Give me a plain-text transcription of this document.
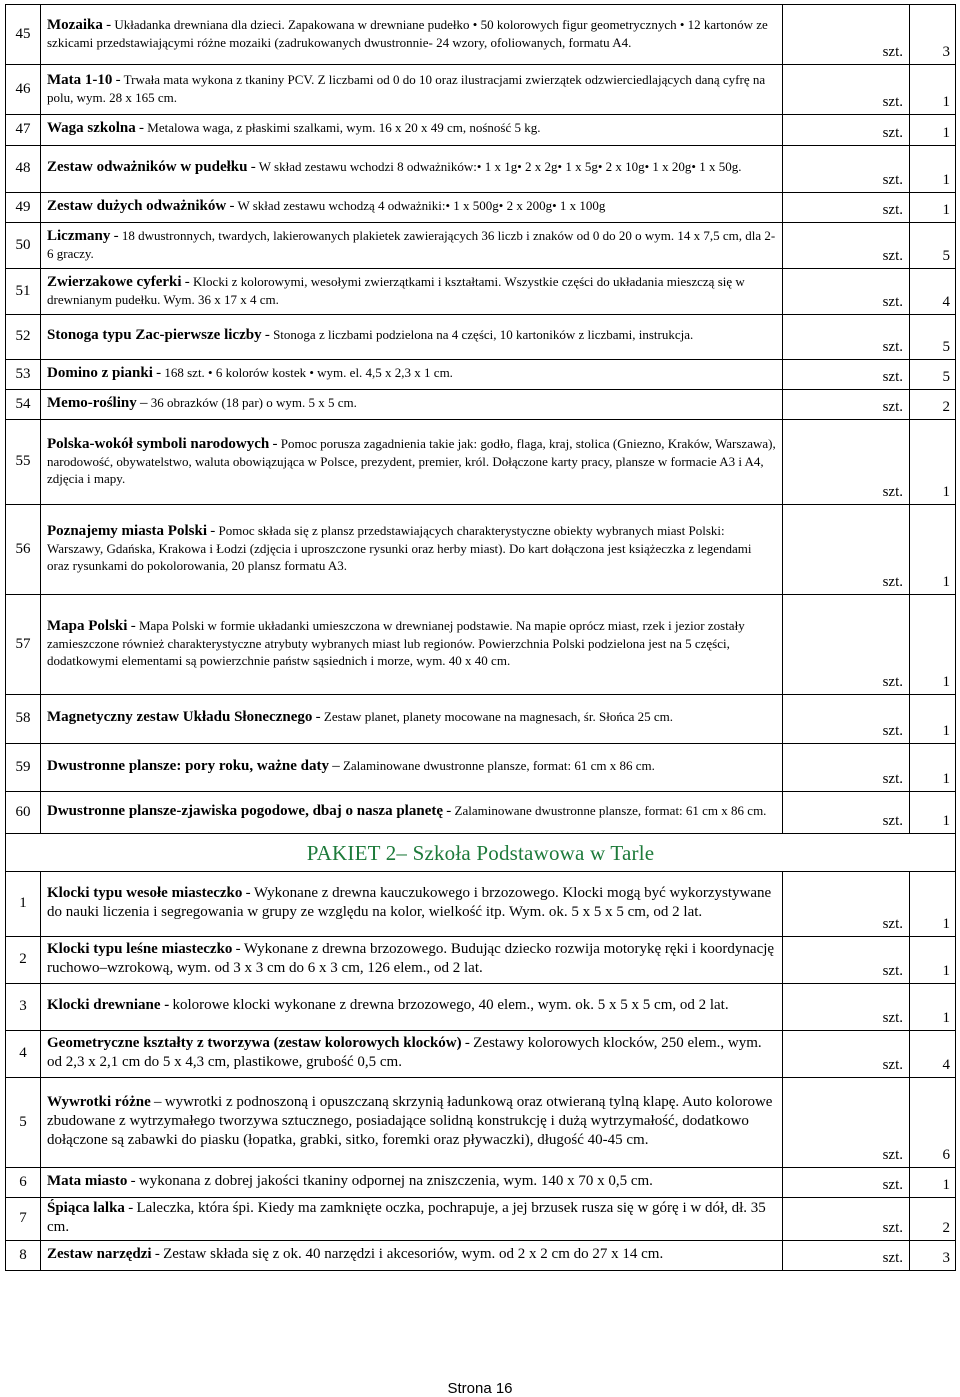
45	Mozaika - Układanka drewniana dla dzieci. Zapakowana w drewniane pudełko • 50 kolorowych figur geometrycznych • 12 kartonów ze szkicami przedstawiającymi różne mozaiki (zadrukowanych dwustronnie- 24 wzory, ofoliowanych, formatu A4.	szt.	3
46	Mata 1-10 - Trwała mata wykona z tkaniny PCV. Z liczbami od 0 do 10 oraz ilustracjami zwierzątek odzwierciedlających daną cyfrę na polu, wym. 28 x 165 cm.	szt.	1
47	Waga szkolna - Metalowa waga, z płaskimi szalkami, wym. 16 x 20 x 49 cm, nośność 5 kg.	szt.	1
48	Zestaw odważników w pudełku - W skład zestawu wchodzi 8 odważników:• 1 x 1g• 2 x 2g• 1 x 5g• 2 x 10g• 1 x 20g• 1 x 50g.	szt.	1
49	Zestaw dużych odważników - W skład zestawu wchodzą 4 odważniki:• 1 x 500g• 2 x 200g• 1 x 100g	szt.	1
50	Liczmany - 18 dwustronnych, twardych, lakierowanych plakietek zawierających 36 liczb i znaków od 0 do 20 o wym. 14 x 7,5 cm, dla 2-6 graczy.	szt.	5
51	Zwierzakowe cyferki - Klocki z kolorowymi, wesołymi zwierzątkami i kształtami. Wszystkie części do układania mieszczą się w drewnianym pudełku. Wym. 36 x 17 x 4 cm.	szt.	4
52	Stonoga typu Zac-pierwsze liczby - Stonoga z liczbami podzielona na 4 części, 10 kartoników z liczbami, instrukcja.	szt.	5
53	Domino z pianki - 168 szt. • 6 kolorów kostek • wym. el. 4,5 x 2,3 x 1 cm.	szt.	5
54	Memo-rośliny – 36 obrazków (18 par) o wym. 5 x 5 cm.	szt.	2
55	Polska-wokół symboli narodowych - Pomoc porusza zagadnienia takie jak: godło, flaga, kraj, stolica (Gniezno, Kraków, Warszawa), narodowość, obywatelstwo, waluta obowiązująca w Polsce, prezydent, premier, król. Dołączone karty pracy, plansze w formacie A3 i A4, zdjęcia i mapy.	szt.	1
56	Poznajemy miasta Polski - Pomoc składa się z plansz przedstawiających charakterystyczne obiekty wybranych miast Polski: Warszawy, Gdańska, Krakowa i Łodzi (zdjęcia i uproszczone rysunki oraz herby miast). Do kart dołączona jest książeczka z legendami oraz rysunkami do pokolorowania, 20 plansz formatu A3.	szt.	1
57	Mapa Polski - Mapa Polski w formie układanki umieszczona w drewnianej podstawie. Na mapie oprócz miast, rzek i jezior zostały zamieszczone również charakterystyczne atrybuty wybranych miast lub regionów. Powierzchnia Polski podzielona jest na 5 części, dodatkowymi elementami są powierzchnie państw sąsiednich i morze, wym. 40 x 40 cm.	szt.	1
58	Magnetyczny zestaw Układu Słonecznego - Zestaw planet, planety mocowane na magnesach, śr. Słońca 25 cm.	szt.	1
59	Dwustronne plansze: pory roku, ważne daty – Zalaminowane dwustronne plansze, format: 61 cm x 86 cm.	szt.	1
60	Dwustronne plansze-zjawiska pogodowe, dbaj o nasza planetę - Zalaminowane dwustronne plansze, format: 61 cm x 86 cm.	szt.	1
PAKIET 2– Szkoła Podstawowa w Tarle			
1	Klocki typu wesołe miasteczko - Wykonane z drewna kauczukowego i brzozowego. Klocki mogą być wykorzystywane do nauki liczenia i segregowania w grupy ze względu na kolor, wielkość itp. Wym. ok. 5 x 5 x 5 cm, od 2 lat.	szt.	1
2	Klocki typu leśne miasteczko - Wykonane z drewna brzozowego. Budując dziecko rozwija motorykę ręki i koordynację ruchowo–wzrokową, wym. od 3 x 3 cm do 6 x 3 cm, 126 elem., od 2 lat.	szt.	1
3	Klocki drewniane - kolorowe klocki wykonane z drewna brzozowego, 40 elem., wym. ok. 5 x 5 x 5 cm, od 2 lat.	szt.	1
4	Geometryczne kształty z tworzywa (zestaw kolorowych klocków) - Zestawy kolorowych klocków, 250 elem., wym. od 2,3 x 2,1 cm do 5 x 4,3 cm, plastikowe, grubość 0,5 cm.	szt.	4
5	Wywrotki różne – wywrotki z podnoszoną i opuszczaną skrzynią ładunkową oraz otwieraną tylną klapę. Auto kolorowe zbudowane z wytrzymałego tworzywa sztucznego, posiadające solidną konstrukcję i dużą wytrzymałość, dodatkowo dołączone są zabawki do piasku (łopatka, grabki, sitko, foremki oraz pływaczki), długość 40-45 cm.	szt.	6
6	Mata miasto - wykonana z dobrej jakości tkaniny odpornej na zniszczenia, wym. 140 x 70 x 0,5 cm.	szt.	1
7	Śpiąca lalka - Laleczka, która śpi. Kiedy ma zamknięte oczka, pochrapuje, a jej brzusek rusza się w górę i w dół, dł. 35 cm.	szt.	2
8	Zestaw narzędzi - Zestaw składa się z ok. 40 narzędzi i akcesoriów, wym. od 2 x 2 cm do 27 x 14 cm.	szt.	3
Strona 16
